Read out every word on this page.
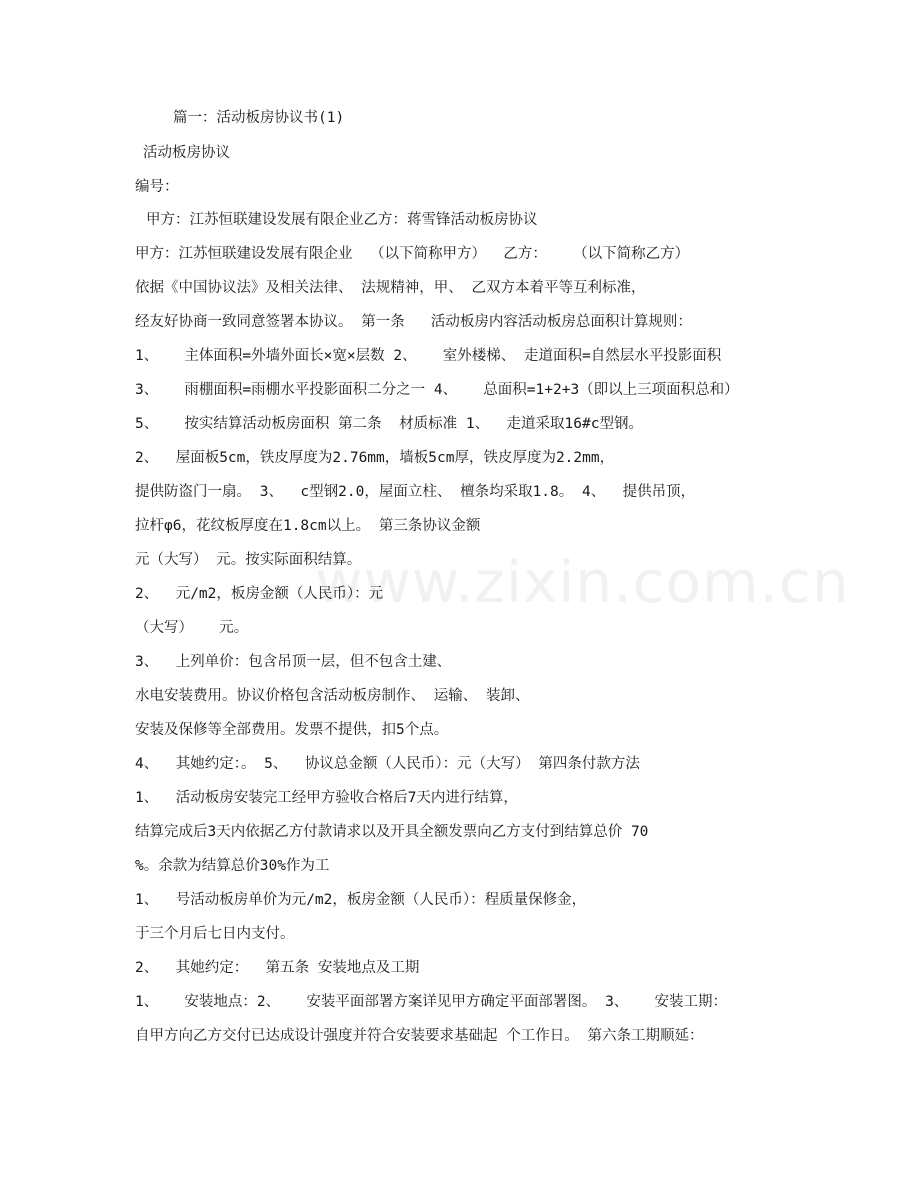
www.zixin.com.cn
篇一：活动板房协议书(1)
活动板房协议
编号：
甲方：江苏恒联建设发展有限企业乙方：蒋雪锋活动板房协议
甲方：江苏恒联建设发展有限企业  （以下简称甲方）  乙方：   （以下简称乙方）
依据《中国协议法》及相关法律、 法规精神，甲、 乙双方本着平等互利标准，
经友好协商一致同意签署本协议。 第一条   活动板房内容活动板房总面积计算规则：
1、   主体面积=外墙外面长×宽×层数 2、   室外楼梯、 走道面积=自然层水平投影面积
3、   雨棚面积=雨棚水平投影面积二分之一 4、   总面积=1+2+3（即以上三项面积总和）
5、   按实结算活动板房面积 第二条  材质标准 1、  走道采取16#c型钢。
2、  屋面板5cm，铁皮厚度为2.76mm，墙板5cm厚，铁皮厚度为2.2mm，
提供防盗门一扇。 3、  c型钢2.0，屋面立柱、 檀条均采取1.8。 4、  提供吊顶，
拉杆φ6，花纹板厚度在1.8cm以上。 第三条协议金额
元（大写） 元。按实际面积结算。
2、  元/m2，板房金额（人民币）：元
（大写）   元。
3、  上列单价：包含吊顶一层，但不包含土建、
水电安装费用。协议价格包含活动板房制作、 运输、 装卸、
安装及保修等全部费用。发票不提供，扣5个点。
4、  其她约定：。 5、  协议总金额（人民币）：元（大写） 第四条付款方法
1、  活动板房安装完工经甲方验收合格后7天内进行结算，
结算完成后3天内依据乙方付款请求以及开具全额发票向乙方支付到结算总价 70
%。余款为结算总价30%作为工
1、  号活动板房单价为元/m2，板房金额（人民币）：程质量保修金，
于三个月后七日内支付。
2、  其她约定：  第五条 安装地点及工期
1、   安装地点：2、   安装平面部署方案详见甲方确定平面部署图。 3、   安装工期：
自甲方向乙方交付已达成设计强度并符合安装要求基础起 个工作日。 第六条工期顺延：
